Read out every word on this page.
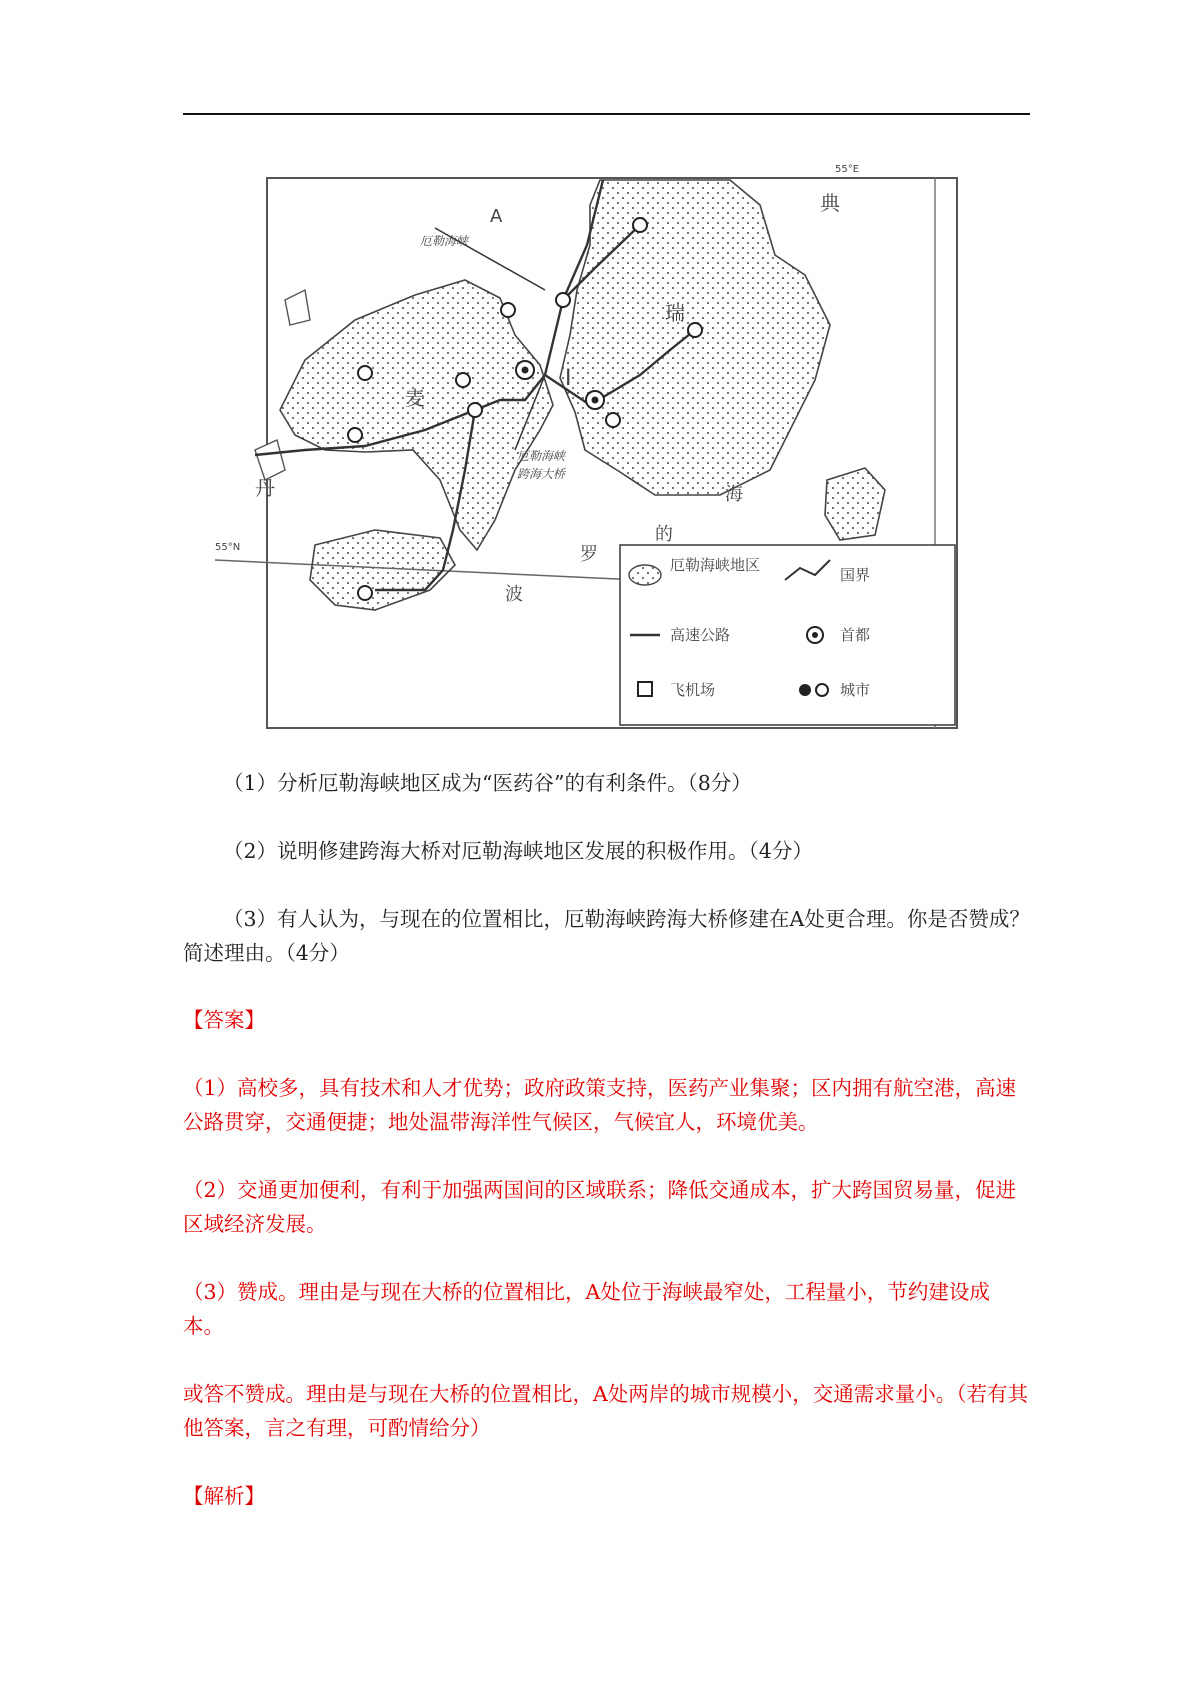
A
厄勒海峡
厄勒海峡
跨海大桥
I
典
瑞
麦
丹	海
的
罗
波
55°E
55°N
厄勒海峡地区
国界
高速公路	首都
飞机场	城市

（1）分析厄勒海峡地区成为“医药谷”的有利条件。（8分）

（2）说明修建跨海大桥对厄勒海峡地区发展的积极作用。（4分）

（3）有人认为，与现在的位置相比，厄勒海峡跨海大桥修建在A处更合理。你是否赞成？简述理由。（4分）

【答案】

（1）高校多，具有技术和人才优势；政府政策支持，医药产业集聚；区内拥有航空港，高速公路贯穿，交通便捷；地处温带海洋性气候区，气候宜人，环境优美。

（2）交通更加便利，有利于加强两国间的区域联系；降低交通成本，扩大跨国贸易量，促进区域经济发展。

（3）赞成。理由是与现在大桥的位置相比，A处位于海峡最窄处，工程量小，节约建设成本。

或答不赞成。理由是与现在大桥的位置相比，A处两岸的城市规模小，交通需求量小。（若有其他答案，言之有理，可酌情给分）

【解析】
